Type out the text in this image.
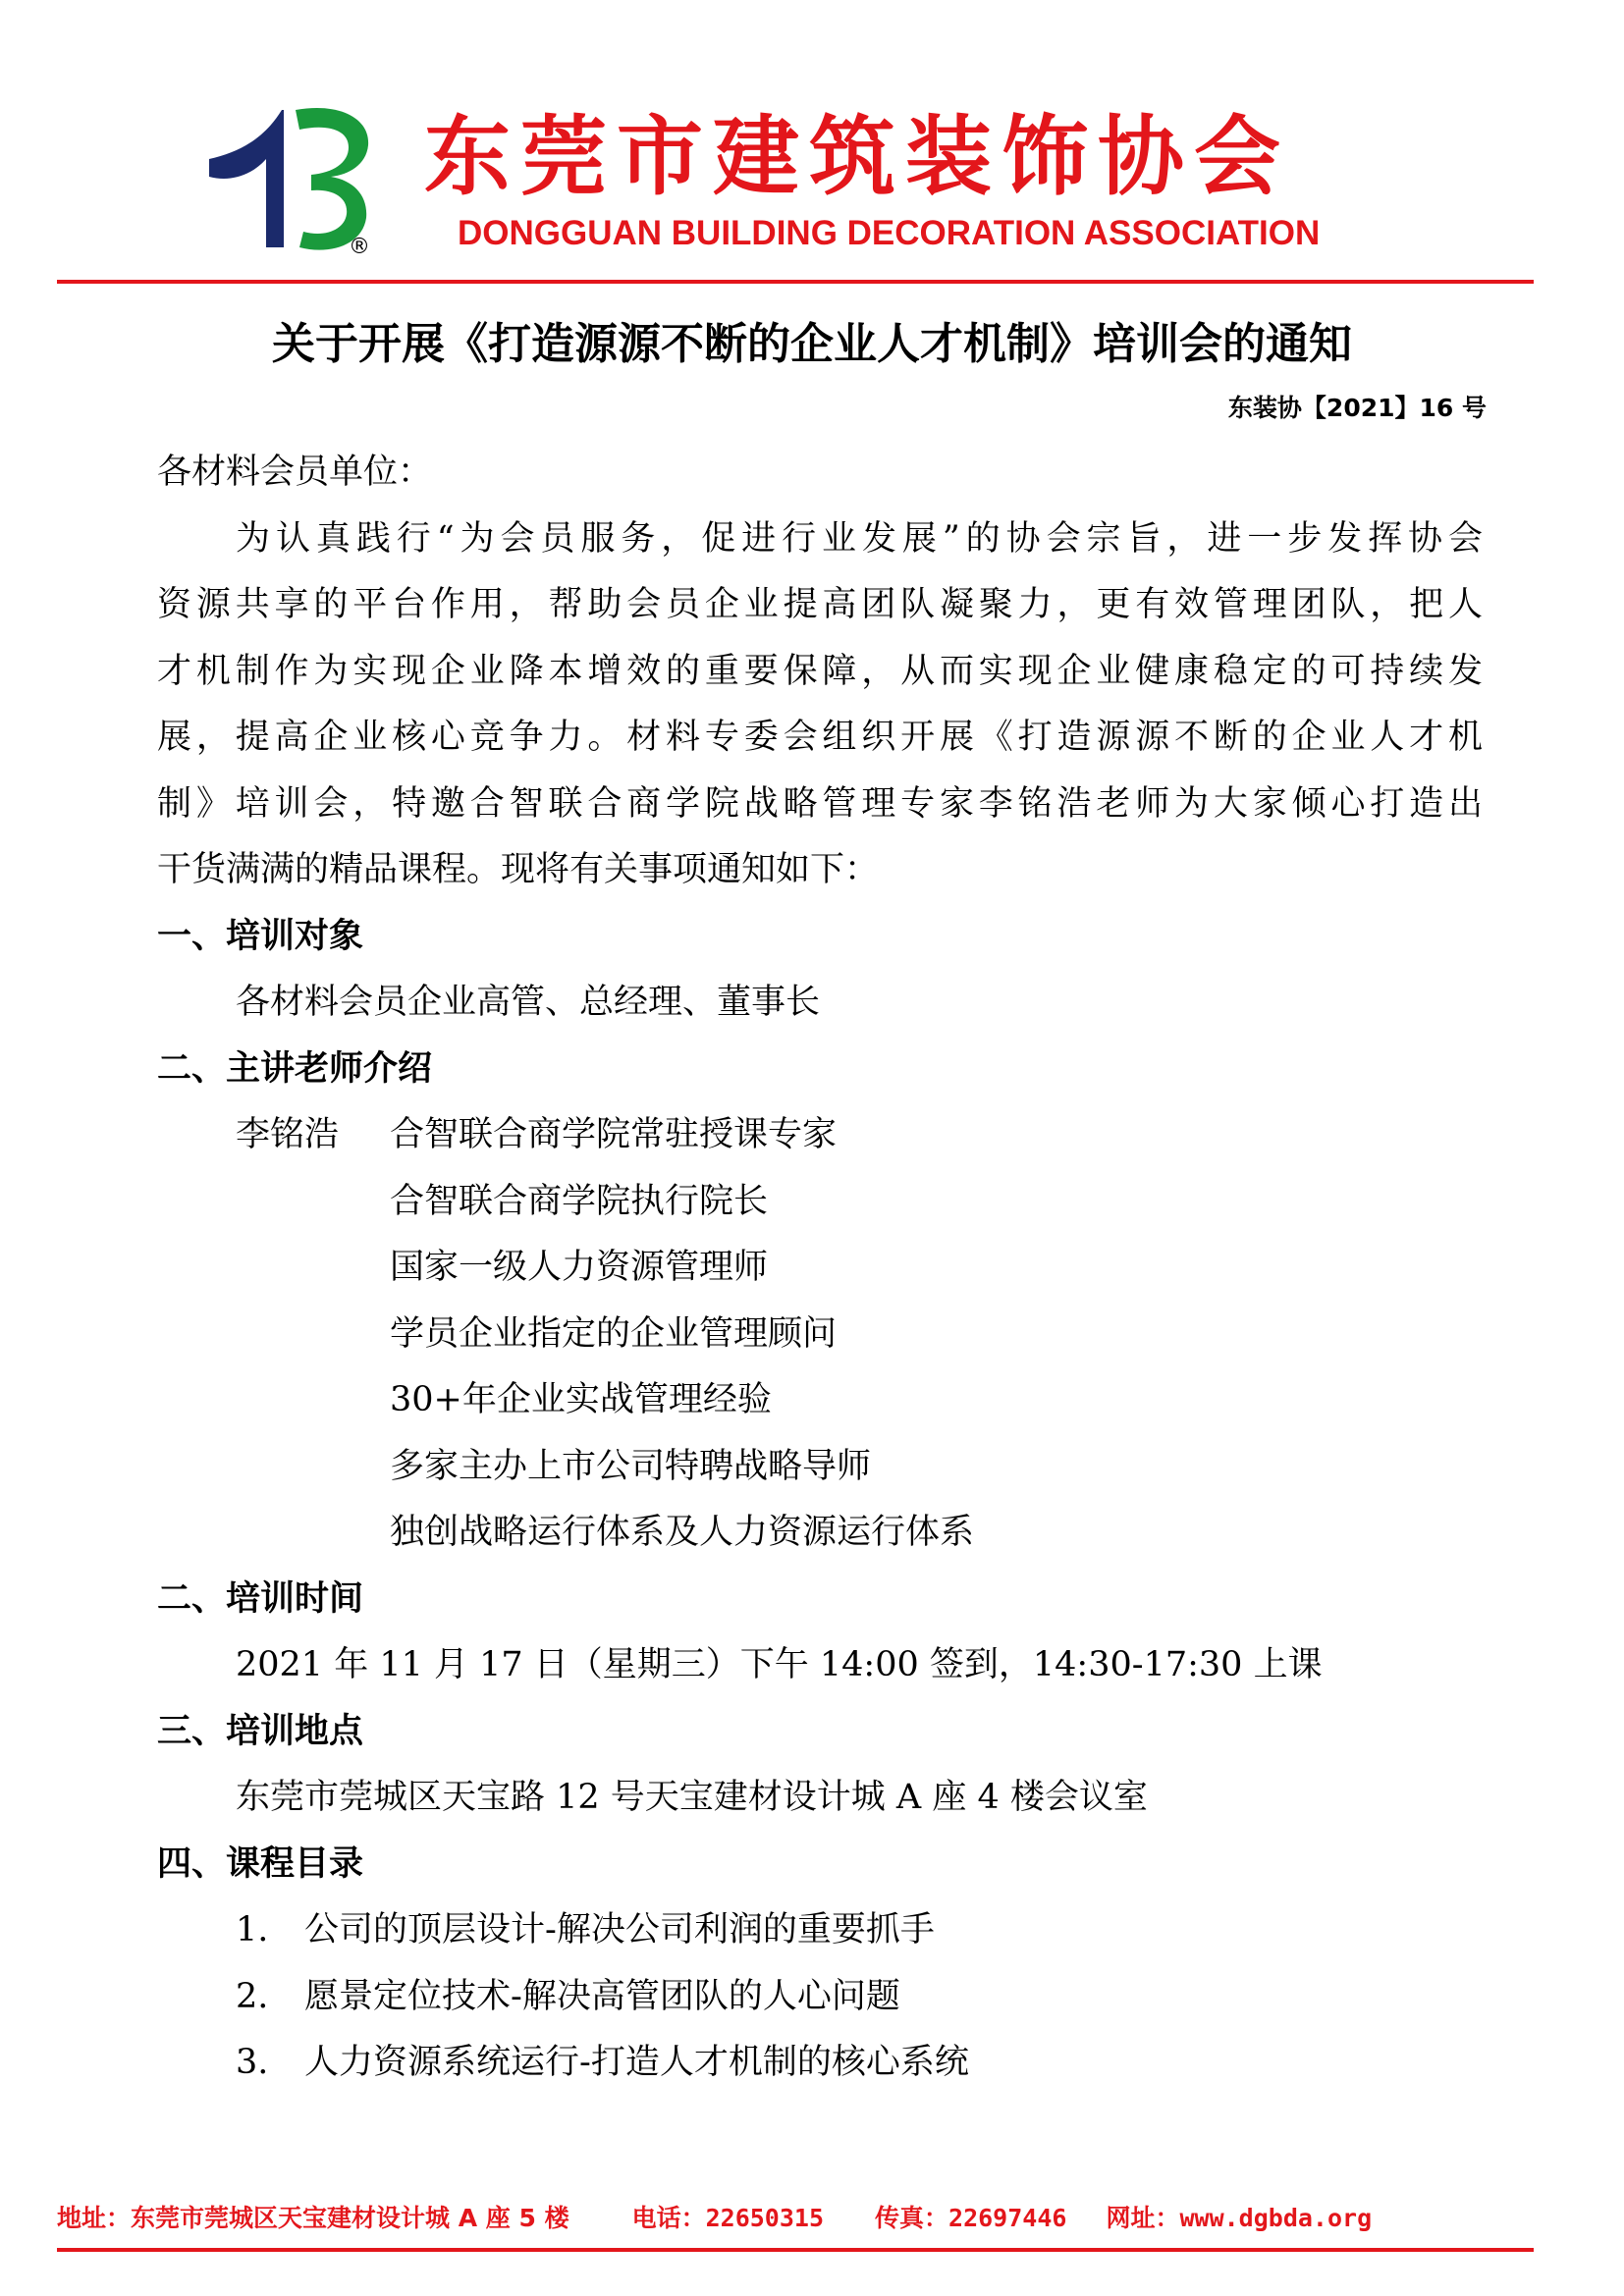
®
东莞市建筑装饰协会
DONGGUAN BUILDING DECORATION ASSOCIATION
关于开展《打造源源不断的企业人才机制》培训会的通知
东装协【2021】16 号
各材料会员单位：
为认真践行“为会员服务，促进行业发展”的协会宗旨，进一步发挥协会
资源共享的平台作用，帮助会员企业提高团队凝聚力，更有效管理团队，把人
才机制作为实现企业降本增效的重要保障，从而实现企业健康稳定的可持续发
展，提高企业核心竞争力。材料专委会组织开展《打造源源不断的企业人才机
制》培训会，特邀合智联合商学院战略管理专家李铭浩老师为大家倾心打造出
干货满满的精品课程。现将有关事项通知如下：
一、培训对象
各材料会员企业高管、总经理、董事长
二、主讲老师介绍
李铭浩 合智联合商学院常驻授课专家
合智联合商学院执行院长
国家一级人力资源管理师
学员企业指定的企业管理顾问
30+年企业实战管理经验
多家主办上市公司特聘战略导师
独创战略运行体系及人力资源运行体系
二、培训时间
2021 年 11 月 17 日（星期三）下午 14:00 签到，14:30-17:30 上课
三、培训地点
东莞市莞城区天宝路 12 号天宝建材设计城 A 座 4 楼会议室
四、课程目录
1. 公司的顶层设计-解决公司利润的重要抓手
2. 愿景定位技术-解决高管团队的人心问题
3. 人力资源系统运行-打造人才机制的核心系统
地址：东莞市莞城区天宝建材设计城 A 座 5 楼	电话：22650315 传真：22697446 网址：www.dgbda.org
